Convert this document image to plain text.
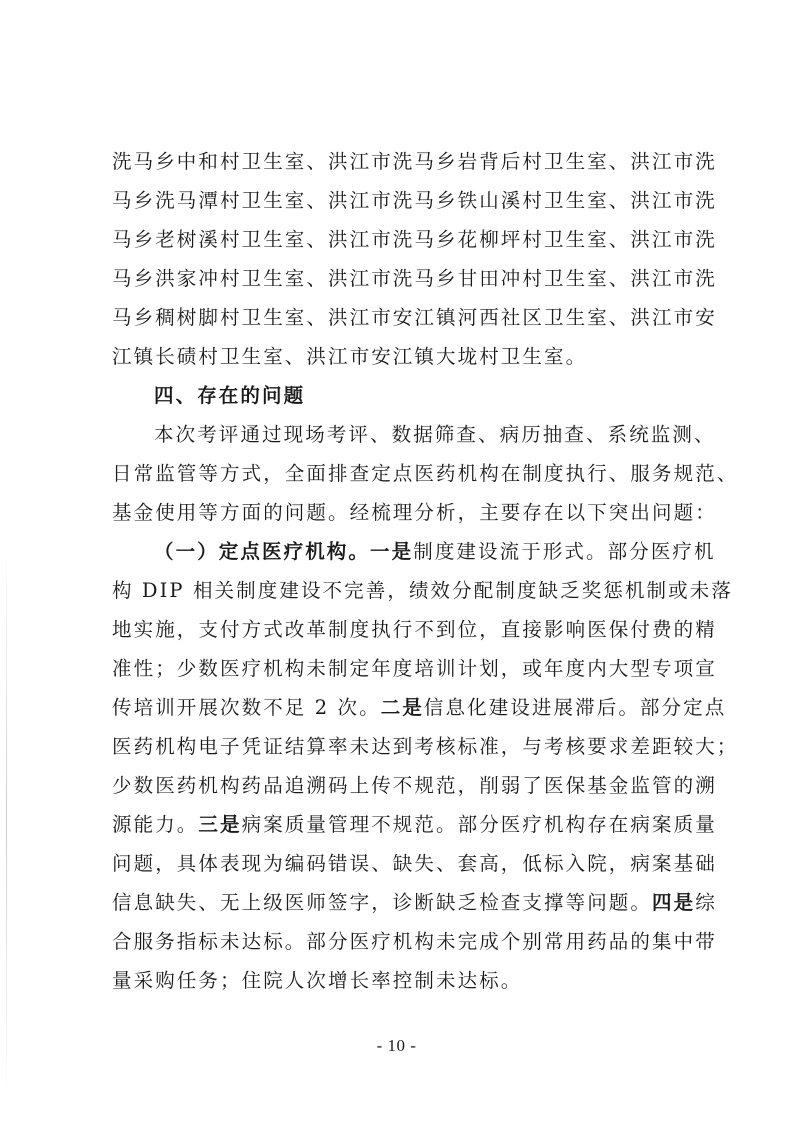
洗马乡中和村卫生室、洪江市洗马乡岩背后村卫生室、洪江市洗
马乡洗马潭村卫生室、洪江市洗马乡铁山溪村卫生室、洪江市洗
马乡老树溪村卫生室、洪江市洗马乡花柳坪村卫生室、洪江市洗
马乡洪家冲村卫生室、洪江市洗马乡甘田冲村卫生室、洪江市洗
马乡稠树脚村卫生室、洪江市安江镇河西社区卫生室、洪江市安
江镇长碛村卫生室、洪江市安江镇大垅村卫生室。
四、存在的问题
本次考评通过现场考评、数据筛查、病历抽查、系统监测、
日常监管等方式，全面排查定点医药机构在制度执行、服务规范、
基金使用等方面的问题。经梳理分析，主要存在以下突出问题：
（一）定点医疗机构。一是制度建设流于形式。部分医疗机
构 DIP 相关制度建设不完善，绩效分配制度缺乏奖惩机制或未落
地实施，支付方式改革制度执行不到位，直接影响医保付费的精
准性；少数医疗机构未制定年度培训计划，或年度内大型专项宣
传培训开展次数不足 2 次。二是信息化建设进展滞后。部分定点
医药机构电子凭证结算率未达到考核标准，与考核要求差距较大；
少数医药机构药品追溯码上传不规范，削弱了医保基金监管的溯
源能力。三是病案质量管理不规范。部分医疗机构存在病案质量
问题，具体表现为编码错误、缺失、套高，低标入院，病案基础
信息缺失、无上级医师签字，诊断缺乏检查支撑等问题。四是综
合服务指标未达标。部分医疗机构未完成个别常用药品的集中带
量采购任务；住院人次增长率控制未达标。
- 10 -
